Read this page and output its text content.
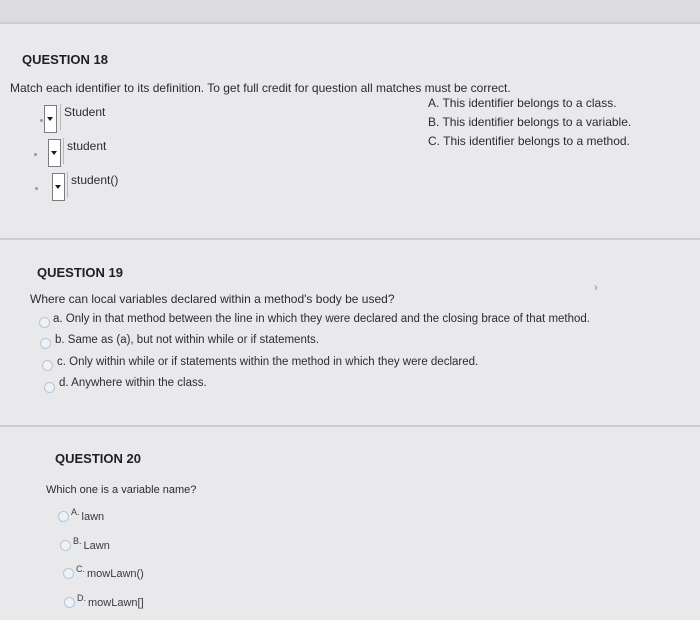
QUESTION 18
Match each identifier to its definition. To get full credit for question all matches must be correct.
Student
student
student()
A. This identifier belongs to a class.
B. This identifier belongs to a variable.
C. This identifier belongs to a method.
QUESTION 19
›
Where can local variables declared within a method's body be used?
a. Only in that method between the line in which they were declared and the closing brace of that method.
b. Same as (a), but not within while or if statements.
c. Only within while or if statements within the method in which they were declared.
d. Anywhere within the class.
QUESTION 20
Which one is a variable name?
$^{A.}$ lawn
$^{B.}$ Lawn
$^{C.}$ mowLawn()
$^{D.}$ mowLawn[]
